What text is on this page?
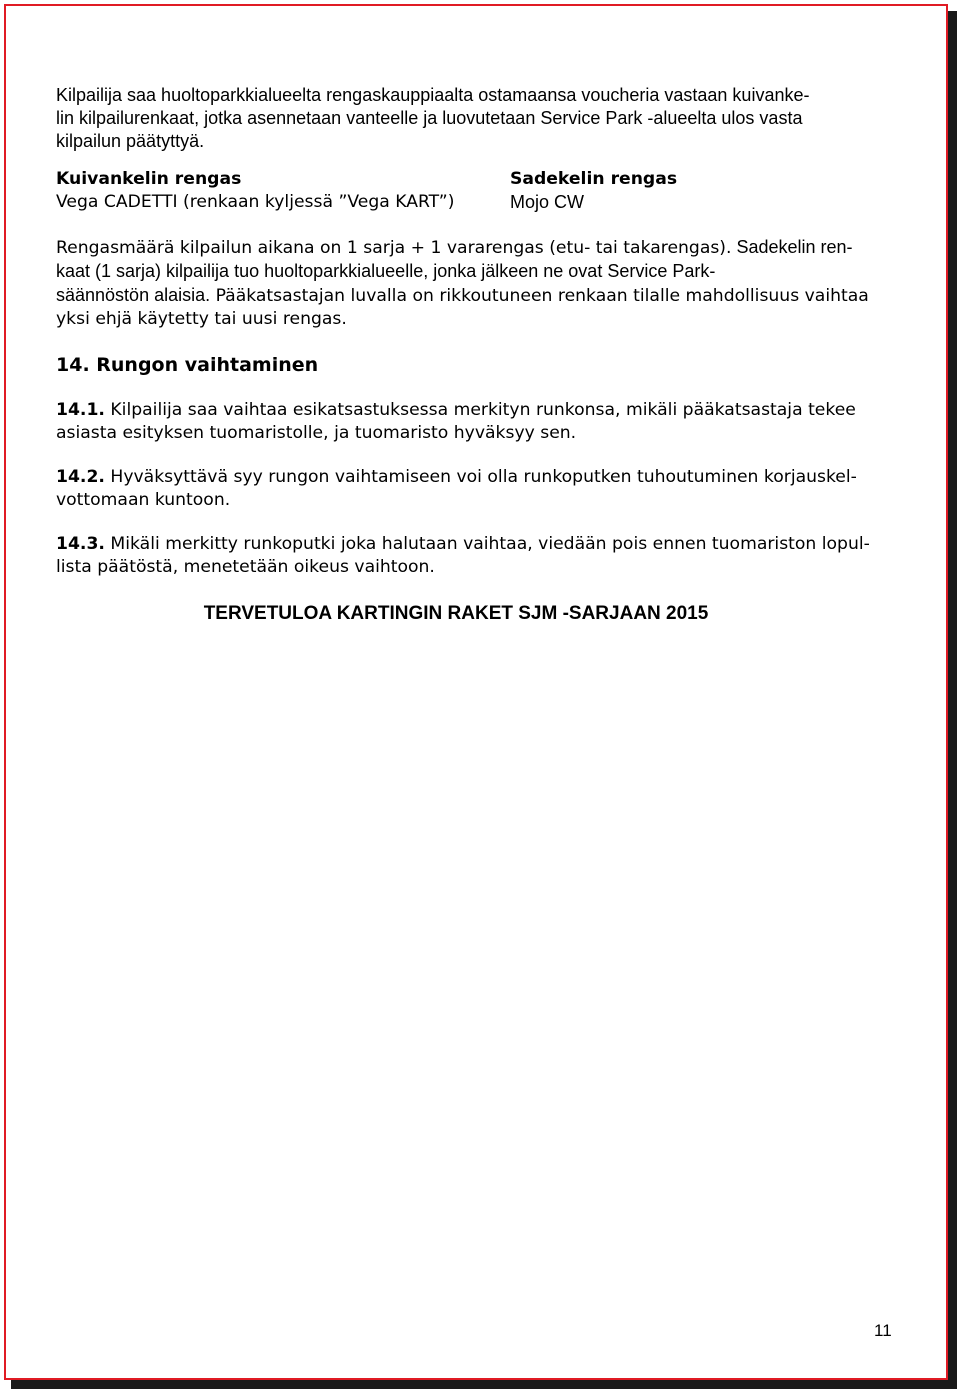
Kilpailija saa huoltoparkkialueelta rengaskauppiaalta ostamaansa voucheria vastaan kuivanke-
lin kilpailurenkaat, jotka asennetaan vanteelle ja luovutetaan Service Park -alueelta ulos vasta
kilpailun päätyttyä.

Kuivankelin rengas
Vega CADETTI (renkaan kyljessä ”Vega KART”)
Sadekelin rengas
Mojo CW

Rengasmäärä kilpailun aikana on 1 sarja + 1 vararengas (etu- tai takarengas). Sadekelin ren-
kaat (1 sarja) kilpailija tuo huoltoparkkialueelle, jonka jälkeen ne ovat Service Park-
säännöstön alaisia. Pääkatsastajan luvalla on rikkoutuneen renkaan tilalle mahdollisuus vaihtaa
yksi ehjä käytetty tai uusi rengas.

14. Rungon vaihtaminen

14.1. Kilpailija saa vaihtaa esikatsastuksessa merkityn runkonsa, mikäli pääkatsastaja tekee
asiasta esityksen tuomaristolle, ja tuomaristo hyväksyy sen.

14.2. Hyväksyttävä syy rungon vaihtamiseen voi olla runkoputken tuhoutuminen korjauskel-
vottomaan kuntoon.

14.3. Mikäli merkitty runkoputki joka halutaan vaihtaa, viedään pois ennen tuomariston lopul-
lista päätöstä, menetetään oikeus vaihtoon.

TERVETULOA KARTINGIN RAKET SJM -SARJAAN 2015
11
